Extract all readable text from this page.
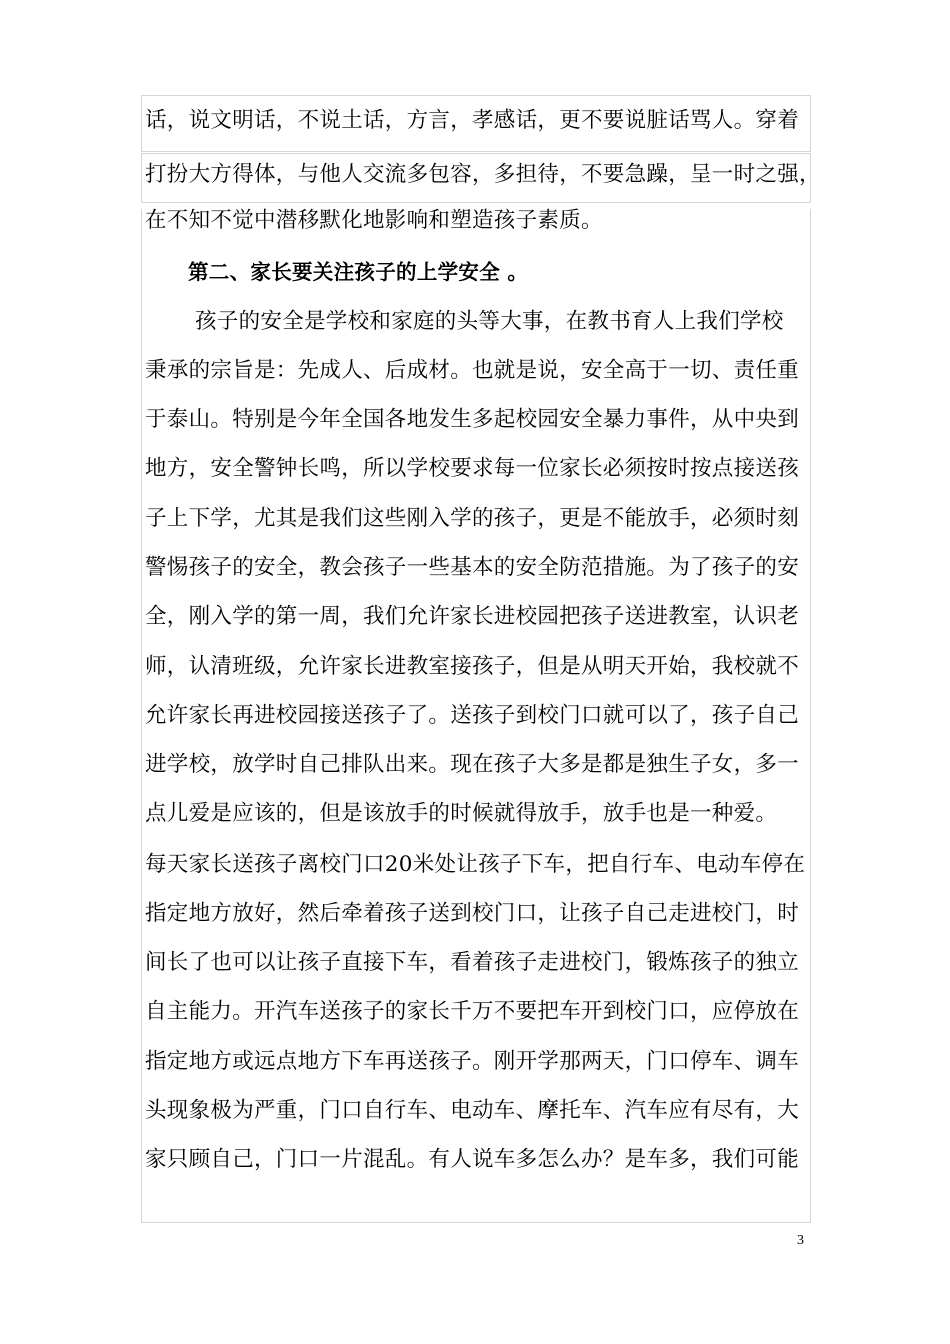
话，说文明话，不说土话，方言，孝感话，更不要说脏话骂人。穿着
打扮大方得体，与他人交流多包容，多担待，不要急躁，呈一时之强，
在不知不觉中潜移默化地影响和塑造孩子素质。
第二、家长要关注孩子的上学安全 。
孩子的安全是学校和家庭的头等大事，在教书育人上我们学校
秉承的宗旨是：先成人、后成材。也就是说，安全高于一切、责任重
于泰山。特别是今年全国各地发生多起校园安全暴力事件，从中央到
地方，安全警钟长鸣，所以学校要求每一位家长必须按时按点接送孩
子上下学，尤其是我们这些刚入学的孩子，更是不能放手，必须时刻
警惕孩子的安全，教会孩子一些基本的安全防范措施。为了孩子的安
全，刚入学的第一周，我们允许家长进校园把孩子送进教室，认识老
师，认清班级，允许家长进教室接孩子，但是从明天开始，我校就不
允许家长再进校园接送孩子了。送孩子到校门口就可以了，孩子自己
进学校，放学时自己排队出来。现在孩子大多是都是独生子女，多一
点儿爱是应该的，但是该放手的时候就得放手，放手也是一种爱。
每天家长送孩子离校门口20米处让孩子下车，把自行车、电动车停在
指定地方放好，然后牵着孩子送到校门口，让孩子自己走进校门，时
间长了也可以让孩子直接下车，看着孩子走进校门，锻炼孩子的独立
自主能力。开汽车送孩子的家长千万不要把车开到校门口，应停放在
指定地方或远点地方下车再送孩子。刚开学那两天，门口停车、调车
头现象极为严重，门口自行车、电动车、摩托车、汽车应有尽有，大
家只顾自己，门口一片混乱。有人说车多怎么办？是车多，我们可能
3
